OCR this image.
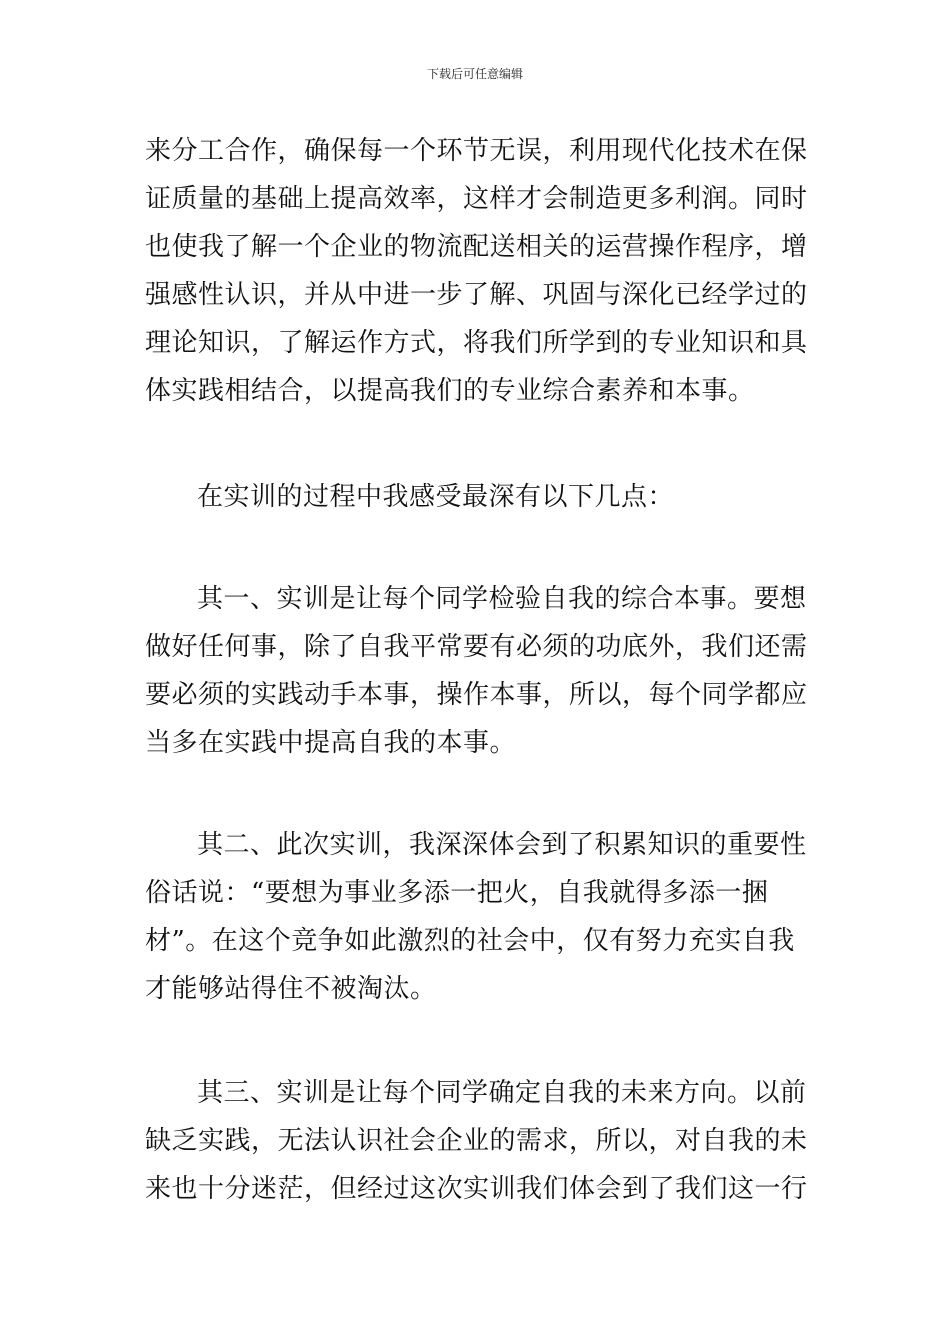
下载后可任意编辑
来分工合作，确保每一个环节无误，利用现代化技术在保
证质量的基础上提高效率，这样才会制造更多利润。同时
也使我了解一个企业的物流配送相关的运营操作程序，增
强感性认识，并从中进一步了解、巩固与深化已经学过的
理论知识，了解运作方式，将我们所学到的专业知识和具
体实践相结合，以提高我们的专业综合素养和本事。
在实训的过程中我感受最深有以下几点：
其一、实训是让每个同学检验自我的综合本事。要想
做好任何事，除了自我平常要有必须的功底外，我们还需
要必须的实践动手本事，操作本事，所以，每个同学都应
当多在实践中提高自我的本事。
其二、此次实训，我深深体会到了积累知识的重要性
俗话说：“要想为事业多添一把火，自我就得多添一捆
材”。在这个竞争如此激烈的社会中，仅有努力充实自我
才能够站得住不被淘汰。
其三、实训是让每个同学确定自我的未来方向。以前
缺乏实践，无法认识社会企业的需求，所以，对自我的未
来也十分迷茫，但经过这次实训我们体会到了我们这一行
